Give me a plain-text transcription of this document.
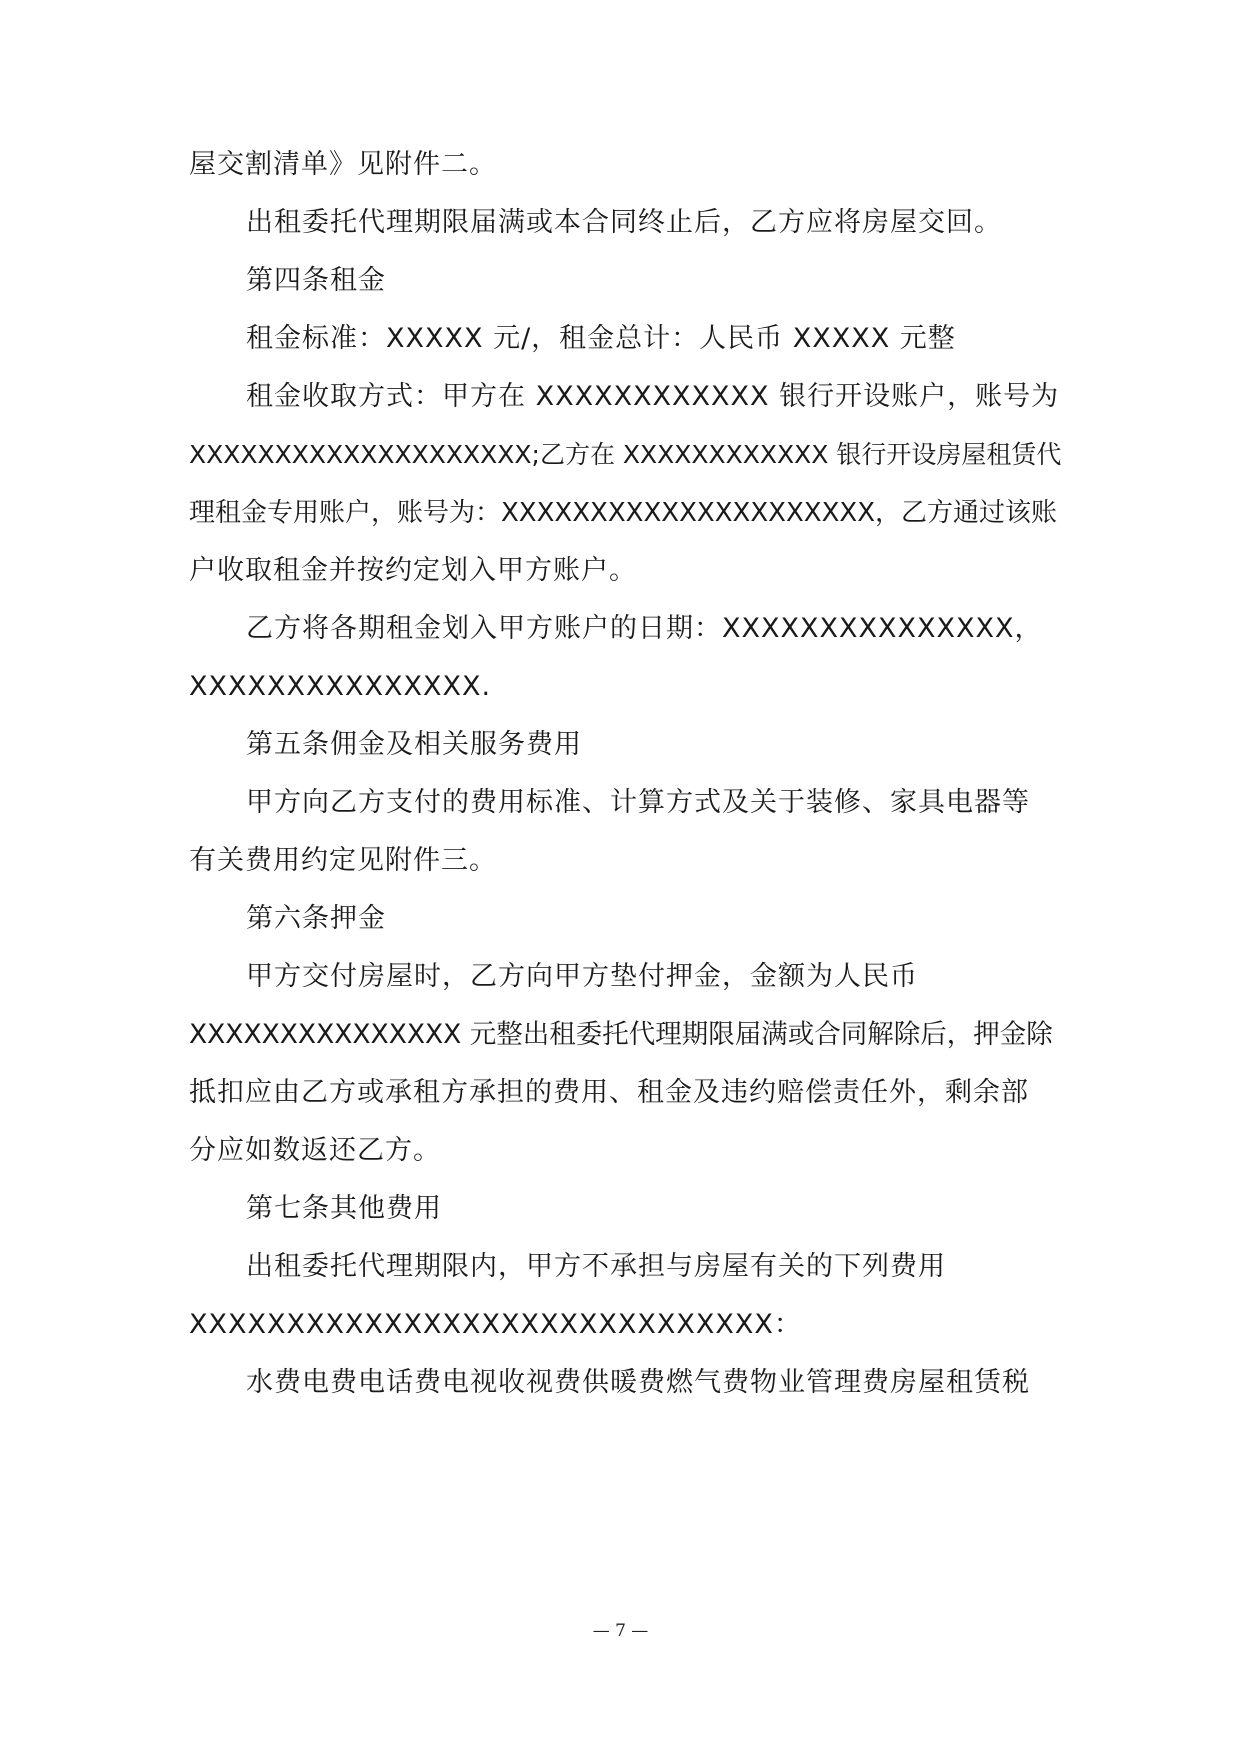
屋交割清单》见附件二。
出租委托代理期限届满或本合同终止后，乙方应将房屋交回。
第四条租金
租金标准：XXXXX 元/，租金总计：人民币 XXXXX 元整
租金收取方式：甲方在 XXXXXXXXXXXX 银行开设账户，账号为
XXXXXXXXXXXXXXXXXXXX;乙方在 XXXXXXXXXXXX 银行开设房屋租赁代
理租金专用账户，账号为：XXXXXXXXXXXXXXXXXXXXX，乙方通过该账
户收取租金并按约定划入甲方账户。
乙方将各期租金划入甲方账户的日期：XXXXXXXXXXXXXXX，
XXXXXXXXXXXXXXX.
第五条佣金及相关服务费用
甲方向乙方支付的费用标准、计算方式及关于装修、家具电器等
有关费用约定见附件三。
第六条押金
甲方交付房屋时，乙方向甲方垫付押金，金额为人民币
XXXXXXXXXXXXXXX 元整出租委托代理期限届满或合同解除后，押金除
抵扣应由乙方或承租方承担的费用、租金及违约赔偿责任外，剩余部
分应如数返还乙方。
第七条其他费用
出租委托代理期限内，甲方不承担与房屋有关的下列费用
XXXXXXXXXXXXXXXXXXXXXXXXXXXXXX：
水费电费电话费电视收视费供暖费燃气费物业管理费房屋租赁税
— 7 —
